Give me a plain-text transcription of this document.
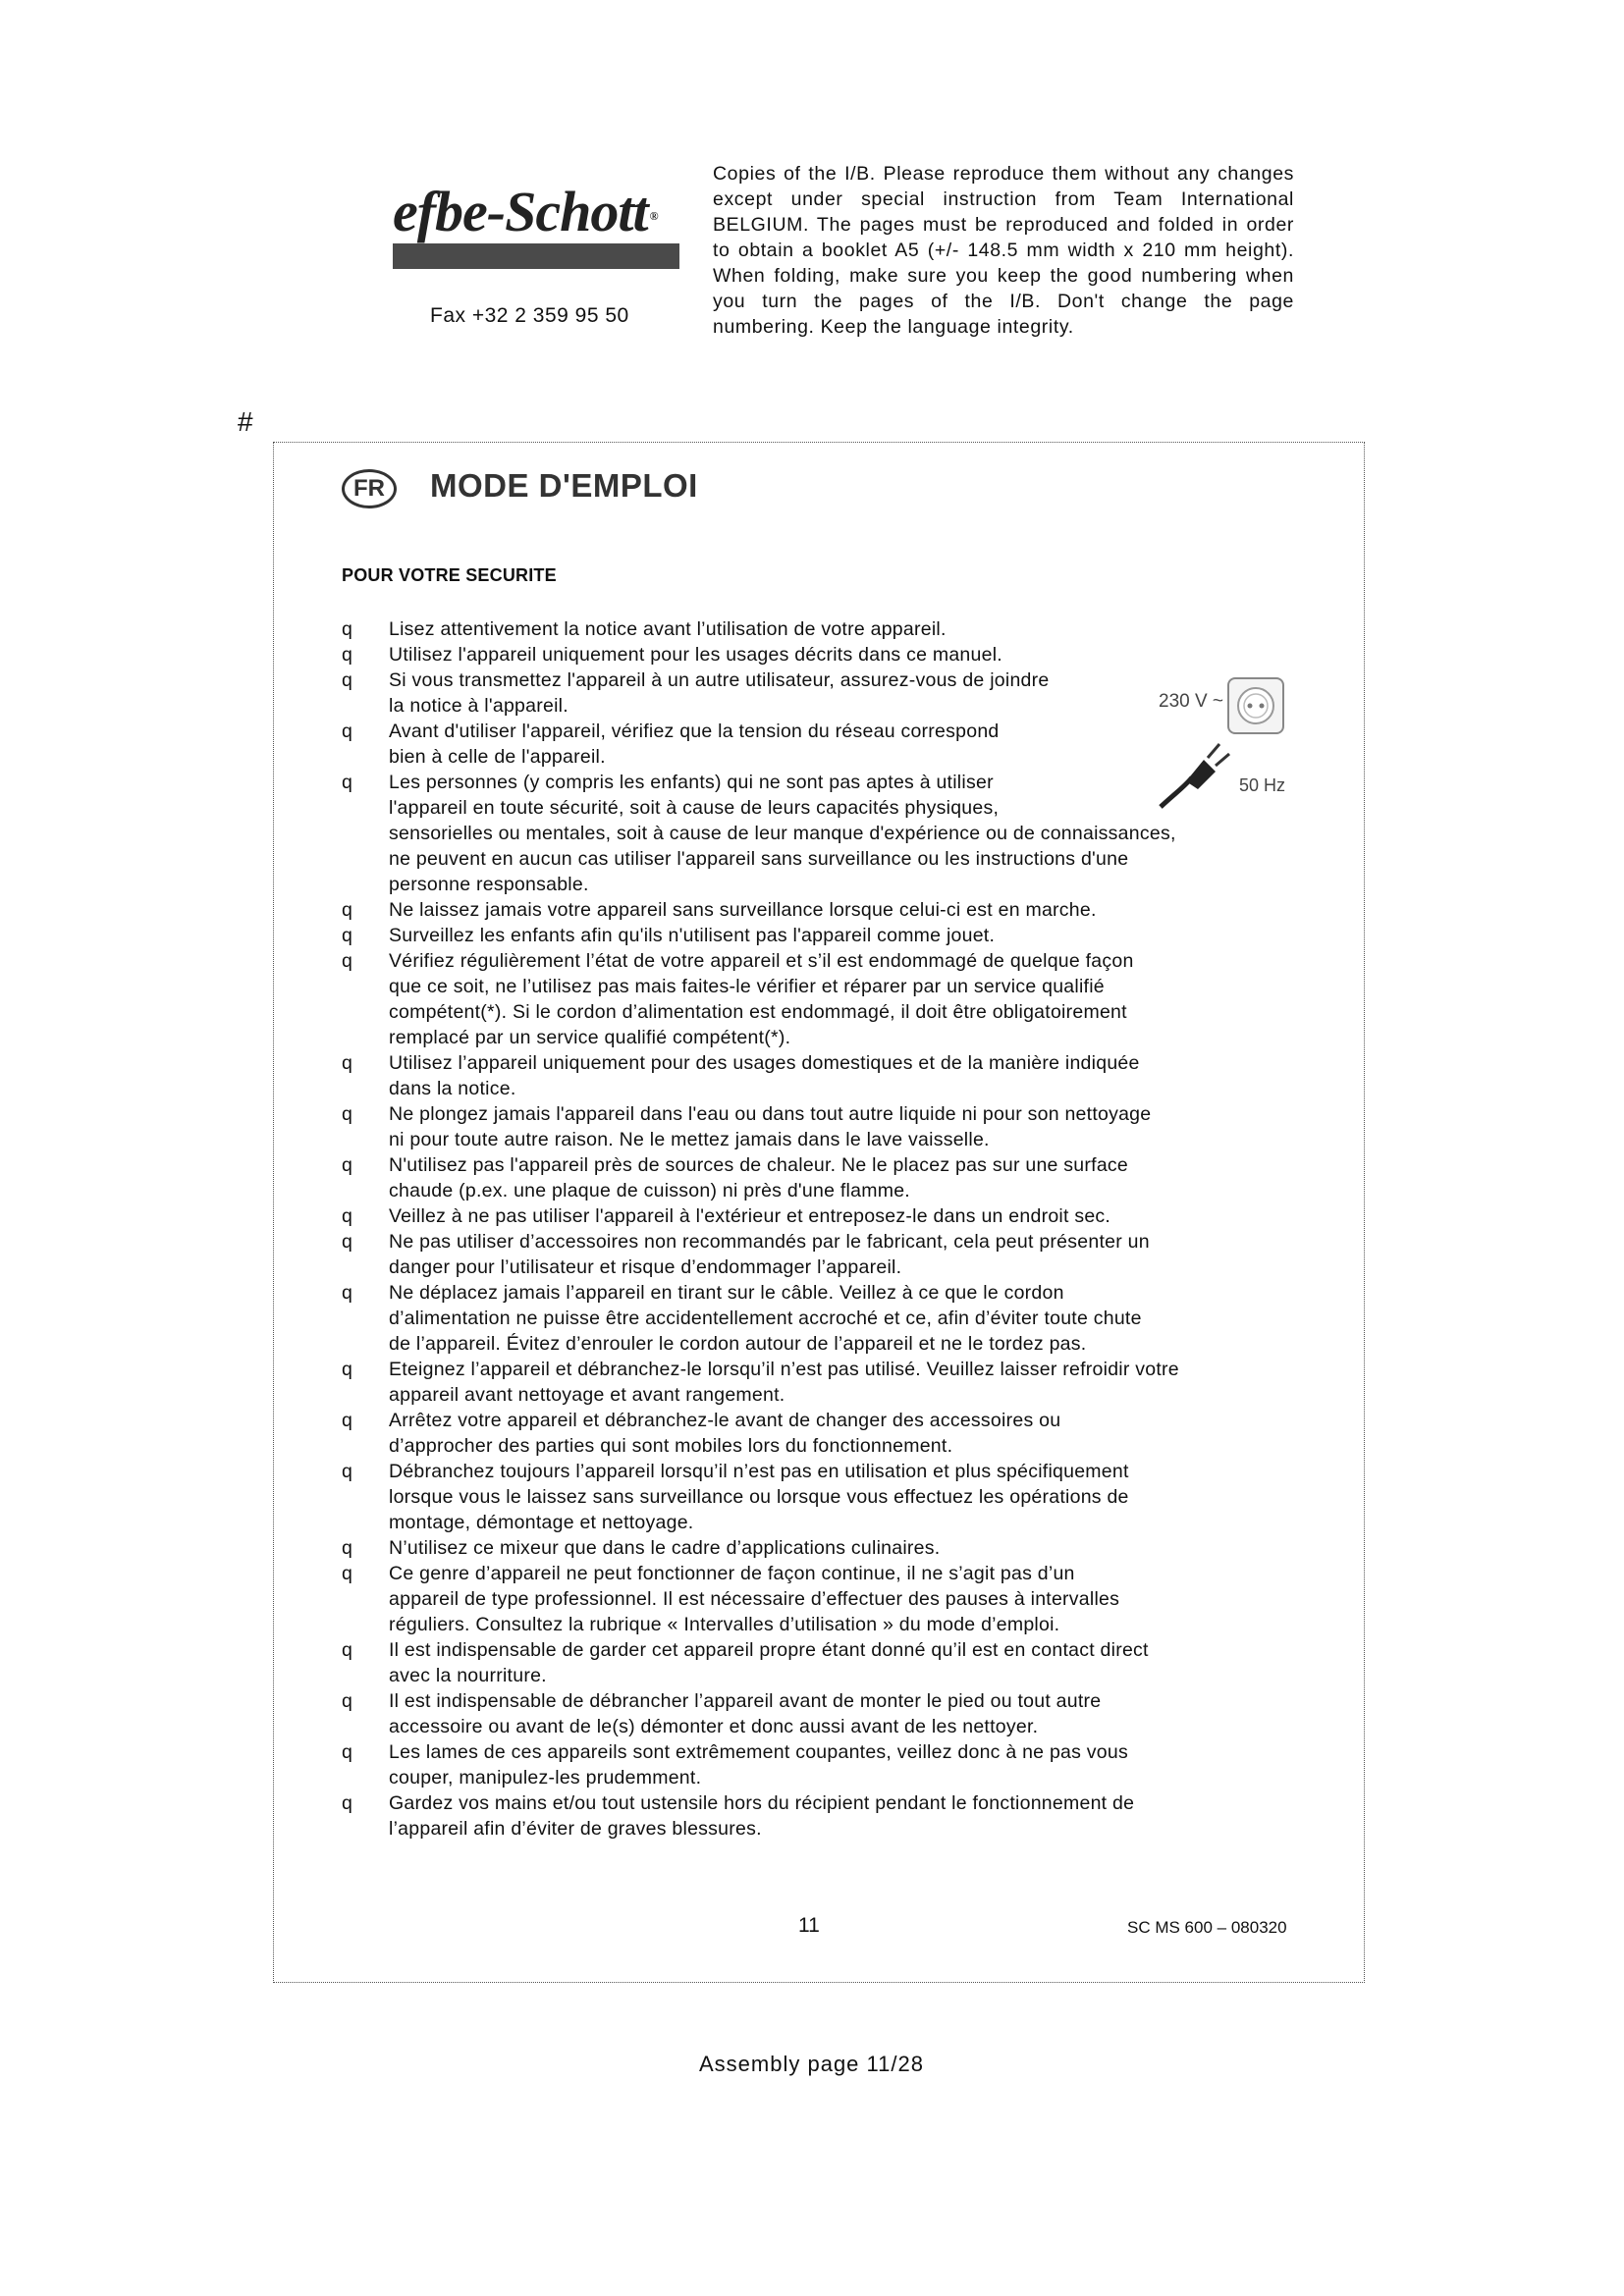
efbe-Schott ®
Fax +32 2 359 95 50
Copies of the I/B. Please reproduce them without any changes except under special instruction from Team International BELGIUM. The pages must be reproduced and folded in order to obtain a booklet A5 (+/- 148.5 mm width x 210 mm height). When folding, make sure you keep the good numbering when you turn the pages of the I/B. Don't change the page numbering. Keep the language integrity.
#
FR	MODE D'EMPLOI
POUR VOTRE SECURITE
q Lisez attentivement la notice avant l’utilisation de votre appareil.
q Utilisez l'appareil uniquement pour les usages décrits dans ce manuel.
q Si vous transmettez l'appareil à un autre utilisateur, assurez-vous de joindre
la notice à l'appareil.
q Avant d'utiliser l'appareil, vérifiez que la tension du réseau correspond
bien à celle de l'appareil.
q Les personnes (y compris les enfants) qui ne sont pas aptes à utiliser
l'appareil en toute sécurité, soit à cause de leurs capacités physiques,
sensorielles ou mentales, soit à cause de leur manque d'expérience ou de connaissances,
ne peuvent en aucun cas utiliser l'appareil sans surveillance ou les instructions d'une
personne responsable.
q Ne laissez jamais votre appareil sans surveillance lorsque celui-ci est en marche.
q Surveillez les enfants afin qu'ils n'utilisent pas l'appareil comme jouet.
q Vérifiez régulièrement l’état de votre appareil et s’il est endommagé de quelque façon
que ce soit, ne l’utilisez pas mais faites-le vérifier et réparer par un service qualifié
compétent(*). Si le cordon d’alimentation est endommagé, il doit être obligatoirement
remplacé par un service qualifié compétent(*).
q Utilisez l’appareil uniquement pour des usages domestiques et de la manière indiquée
dans la notice.
q Ne plongez jamais l'appareil dans l'eau ou dans tout autre liquide ni pour son nettoyage
ni pour toute autre raison. Ne le mettez jamais dans le lave vaisselle.
q N'utilisez pas l'appareil près de sources de chaleur. Ne le placez pas sur une surface
chaude (p.ex. une plaque de cuisson) ni près d'une flamme.
q Veillez à ne pas utiliser l'appareil à l'extérieur et entreposez-le dans un endroit sec.
q Ne pas utiliser d’accessoires non recommandés par le fabricant, cela peut présenter un
danger pour l’utilisateur et risque d’endommager l’appareil.
q Ne déplacez jamais l’appareil en tirant sur le câble. Veillez à ce que le cordon
d’alimentation ne puisse être accidentellement accroché et ce, afin d’éviter toute chute
de l’appareil. Évitez d’enrouler le cordon autour de l’appareil et ne le tordez pas.
q Eteignez l’appareil et débranchez-le lorsqu’il n’est pas utilisé. Veuillez laisser refroidir votre
appareil avant nettoyage et avant rangement.
q Arrêtez votre appareil et débranchez-le avant de changer des accessoires ou
d’approcher des parties qui sont mobiles lors du fonctionnement.
q Débranchez toujours l’appareil lorsqu’il n’est pas en utilisation et plus spécifiquement
lorsque vous le laissez sans surveillance ou lorsque vous effectuez les opérations de
montage, démontage et nettoyage.
q N’utilisez ce mixeur que dans le cadre d’applications culinaires.
q Ce genre d’appareil ne peut fonctionner de façon continue, il ne s’agit pas d’un
appareil de type professionnel. Il est nécessaire d’effectuer des pauses à intervalles
réguliers. Consultez la rubrique « Intervalles d’utilisation » du mode d’emploi.
q Il est indispensable de garder cet appareil propre étant donné qu’il est en contact direct
avec la nourriture.
q Il est indispensable de débrancher l’appareil avant de monter le pied ou tout autre
accessoire ou avant de le(s) démonter et donc aussi avant de les nettoyer.
q Les lames de ces appareils sont extrêmement coupantes, veillez donc à ne pas vous
couper, manipulez-les prudemment.
q Gardez vos mains et/ou tout ustensile hors du récipient pendant le fonctionnement de
l’appareil afin d’éviter de graves blessures.
230 V ~
50 Hz
11	SC MS 600 – 080320
Assembly page 11/28
